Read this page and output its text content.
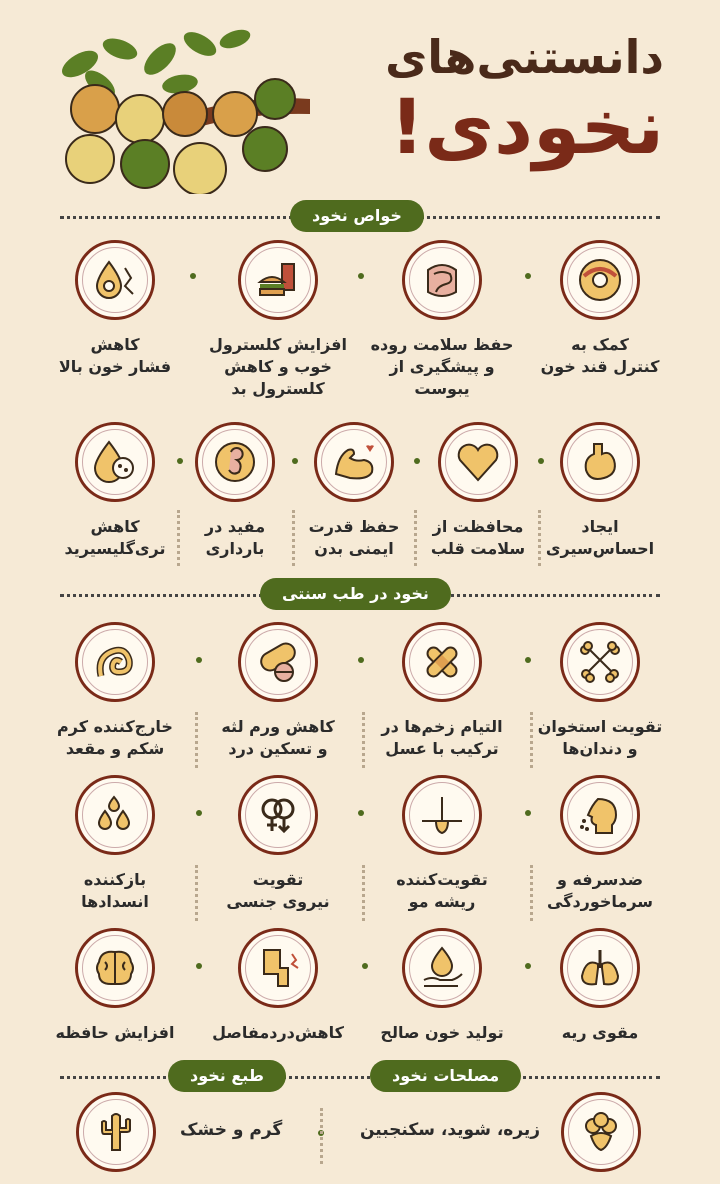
دانستنی‌های
نخودی!
خواص نخود
کمک به
کنترل قند خون
حفظ سلامت روده
و پیشگیری از
یبوست
افزایش کلسترول
خوب و کاهش
کلسترول بد
کاهش
فشار خون بالا
ایجاد
احساس‌سیری
محافظت از
سلامت قلب
حفظ قدرت
ایمنی بدن
مفید در
بارداری
کاهش
تری‌گلیسیرید
نخود در طب سنتی
تقویت استخوان
و دندان‌ها
التیام زخم‌ها در
ترکیب با عسل
کاهش ورم لثه
و تسکین درد
خارج‌کننده کرم
شکم و مقعد
ضدسرفه و
سرماخوردگی
تقویت‌کننده
ریشه مو
تقویت
نیروی جنسی
بازکننده
انسدادها
مقوی ریه
تولید خون صالح
کاهش‌دردمفاصل
افزایش حافظه
مصلحات نخود
طبع نخود
زیره، شوید، سکنجبین
گرم و خشک
